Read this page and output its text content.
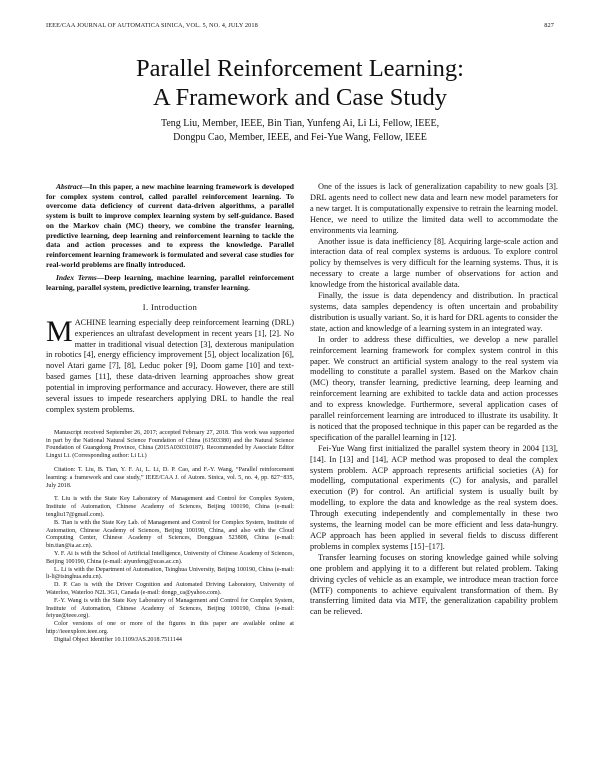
IEEE/CAA JOURNAL OF AUTOMATICA SINICA, VOL. 5, NO. 4, JULY 2018	827
Parallel Reinforcement Learning:
A Framework and Case Study
Teng Liu, Member, IEEE, Bin Tian, Yunfeng Ai, Li Li, Fellow, IEEE,
Dongpu Cao, Member, IEEE, and Fei-Yue Wang, Fellow, IEEE

Abstract—In this paper, a new machine learning framework is developed for complex system control, called parallel reinforcement learning. To overcome data deficiency of current data-driven algorithms, a parallel system is built to improve complex learning system by self-guidance. Based on the Markov chain (MC) theory, we combine the transfer learning, predictive learning, deep learning and reinforcement learning to tackle the data and action processes and to express the knowledge. Parallel reinforcement learning framework is formulated and several case studies for real-world problems are finally introduced.

Index Terms—Deep learning, machine learning, parallel reinforcement learning, parallel system, predictive learning, transfer learning.

I. Introduction

MACHINE learning especially deep reinforcement learning (DRL) experiences an ultrafast development in recent years [1], [2]. No matter in traditional visual detection [3], dexterous manipulation in robotics [4], energy efficiency improvement [5], object localization [6], novel Atari game [7], [8], Leduc poker [9], Doom game [10] and text-based games [11], these data-driven learning approaches show great potential in improving performance and accuracy. However, there are still several issues to impede researchers applying DRL to handle the real complex system problems.

Manuscript received September 26, 2017; accepted February 27, 2018. This work was supported in part by the National Natural Science Foundation of China (61503380) and the Natural Science Foundation of Guangdong Province, China (2015A030310187). Recommended by Associate Editor Lingxi Li. (Corresponding author: Li Li.)

Citation: T. Liu, B. Tian, Y. F. Ai, L. Li, D. P. Cao, and F.-Y. Wang, “Parallel reinforcement learning: a framework and case study,” IEEE/CAA J. of Autom. Sinica, vol. 5, no. 4, pp. 827−835, July 2018.

T. Liu is with the State Key Laboratory of Management and Control for Complex System, Institute of Automation, Chinese Academy of Sciences, Beijing 100190, China (e-mail: tengliu17@gmail.com).

B. Tian is with the State Key Lab. of Management and Control for Complex System, Institute of Automation, Chinese Academy of Sciences, Beijing 100190, China, and also with the Cloud Computing Center, Chinese Academy of Sciences, Dongguan 523808, China (e-mail: bin.tian@ia.ac.cn).

Y. F. Ai is with the School of Artificial Intelligence, University of Chinese Academy of Sciences, Beijing 100190, China (e-mail: aiyunfeng@ucas.ac.cn).

L. Li is with the Department of Automation, Tsinghua University, Beijing 100190, China (e-mail: li-li@tsinghua.edu.cn).

D. P. Cao is with the Driver Cognition and Automated Driving Laboratory, University of Waterloo, Waterloo N2L 3G1, Canada (e-mail: dongp_ca@yahoo.com).

F.-Y. Wang is with the State Key Laboratory of Management and Control for Complex System, Institute of Automation, Chinese Academy of Sciences, Beijing 100190, China (e-mail: feiyue@ieee.org).

Color versions of one or more of the figures in this paper are available online at http://ieeexplore.ieee.org.

Digital Object Identifier 10.1109/JAS.2018.7511144

One of the issues is lack of generalization capability to new goals [3]. DRL agents need to collect new data and learn new model parameters for a new target. It is computationally expensive to retrain the learning model. Hence, we need to utilize the limited data well to accommodate the environments via learning.

Another issue is data inefficiency [8]. Acquiring large-scale action and interaction data of real complex systems is arduous. To explore control policy by themselves is very difficult for the learning systems. Thus, it is necessary to create a large number of observations for action and knowledge from the historical available data.

Finally, the issue is data dependency and distribution. In practical systems, data samples dependency is often uncertain and probability distribution is usually variant. So, it is hard for DRL agents to consider the state, action and knowledge of a learning system in an integrated way.

In order to address these difficulties, we develop a new parallel reinforcement learning framework for complex system control in this paper. We construct an artificial system analogy to the real system via modelling to constitute a parallel system. Based on the Markov chain (MC) theory, transfer learning, predictive learning, deep learning and reinforcement learning are exhibited to tackle data and action processes and to express knowledge. Furthermore, several application cases of parallel reinforcement learning are introduced to illustrate its usability. It is noticed that the proposed technique in this paper can be regarded as the specification of the parallel learning in [12].

Fei-Yue Wang first initialized the parallel system theory in 2004 [13], [14]. In [13] and [14], ACP method was proposed to deal the complex system problem. ACP approach represents artificial societies (A) for modelling, computational experiments (C) for analysis, and parallel execution (P) for control. An artificial system is usually built by modelling, to explore the data and knowledge as the real system does. Through executing independently and complementally in these two systems, the learning model can be more efficient and less data-hungry. ACP approach has been applied in several fields to discuss different problems in complex systems [15]−[17].

Transfer learning focuses on storing knowledge gained while solving one problem and applying it to a different but related problem. Taking driving cycles of vehicle as an example, we introduce mean traction force (MTF) components to achieve equivalent transformation of them. By transferring limited data via MTF, the generalization capability problem can be relieved.
